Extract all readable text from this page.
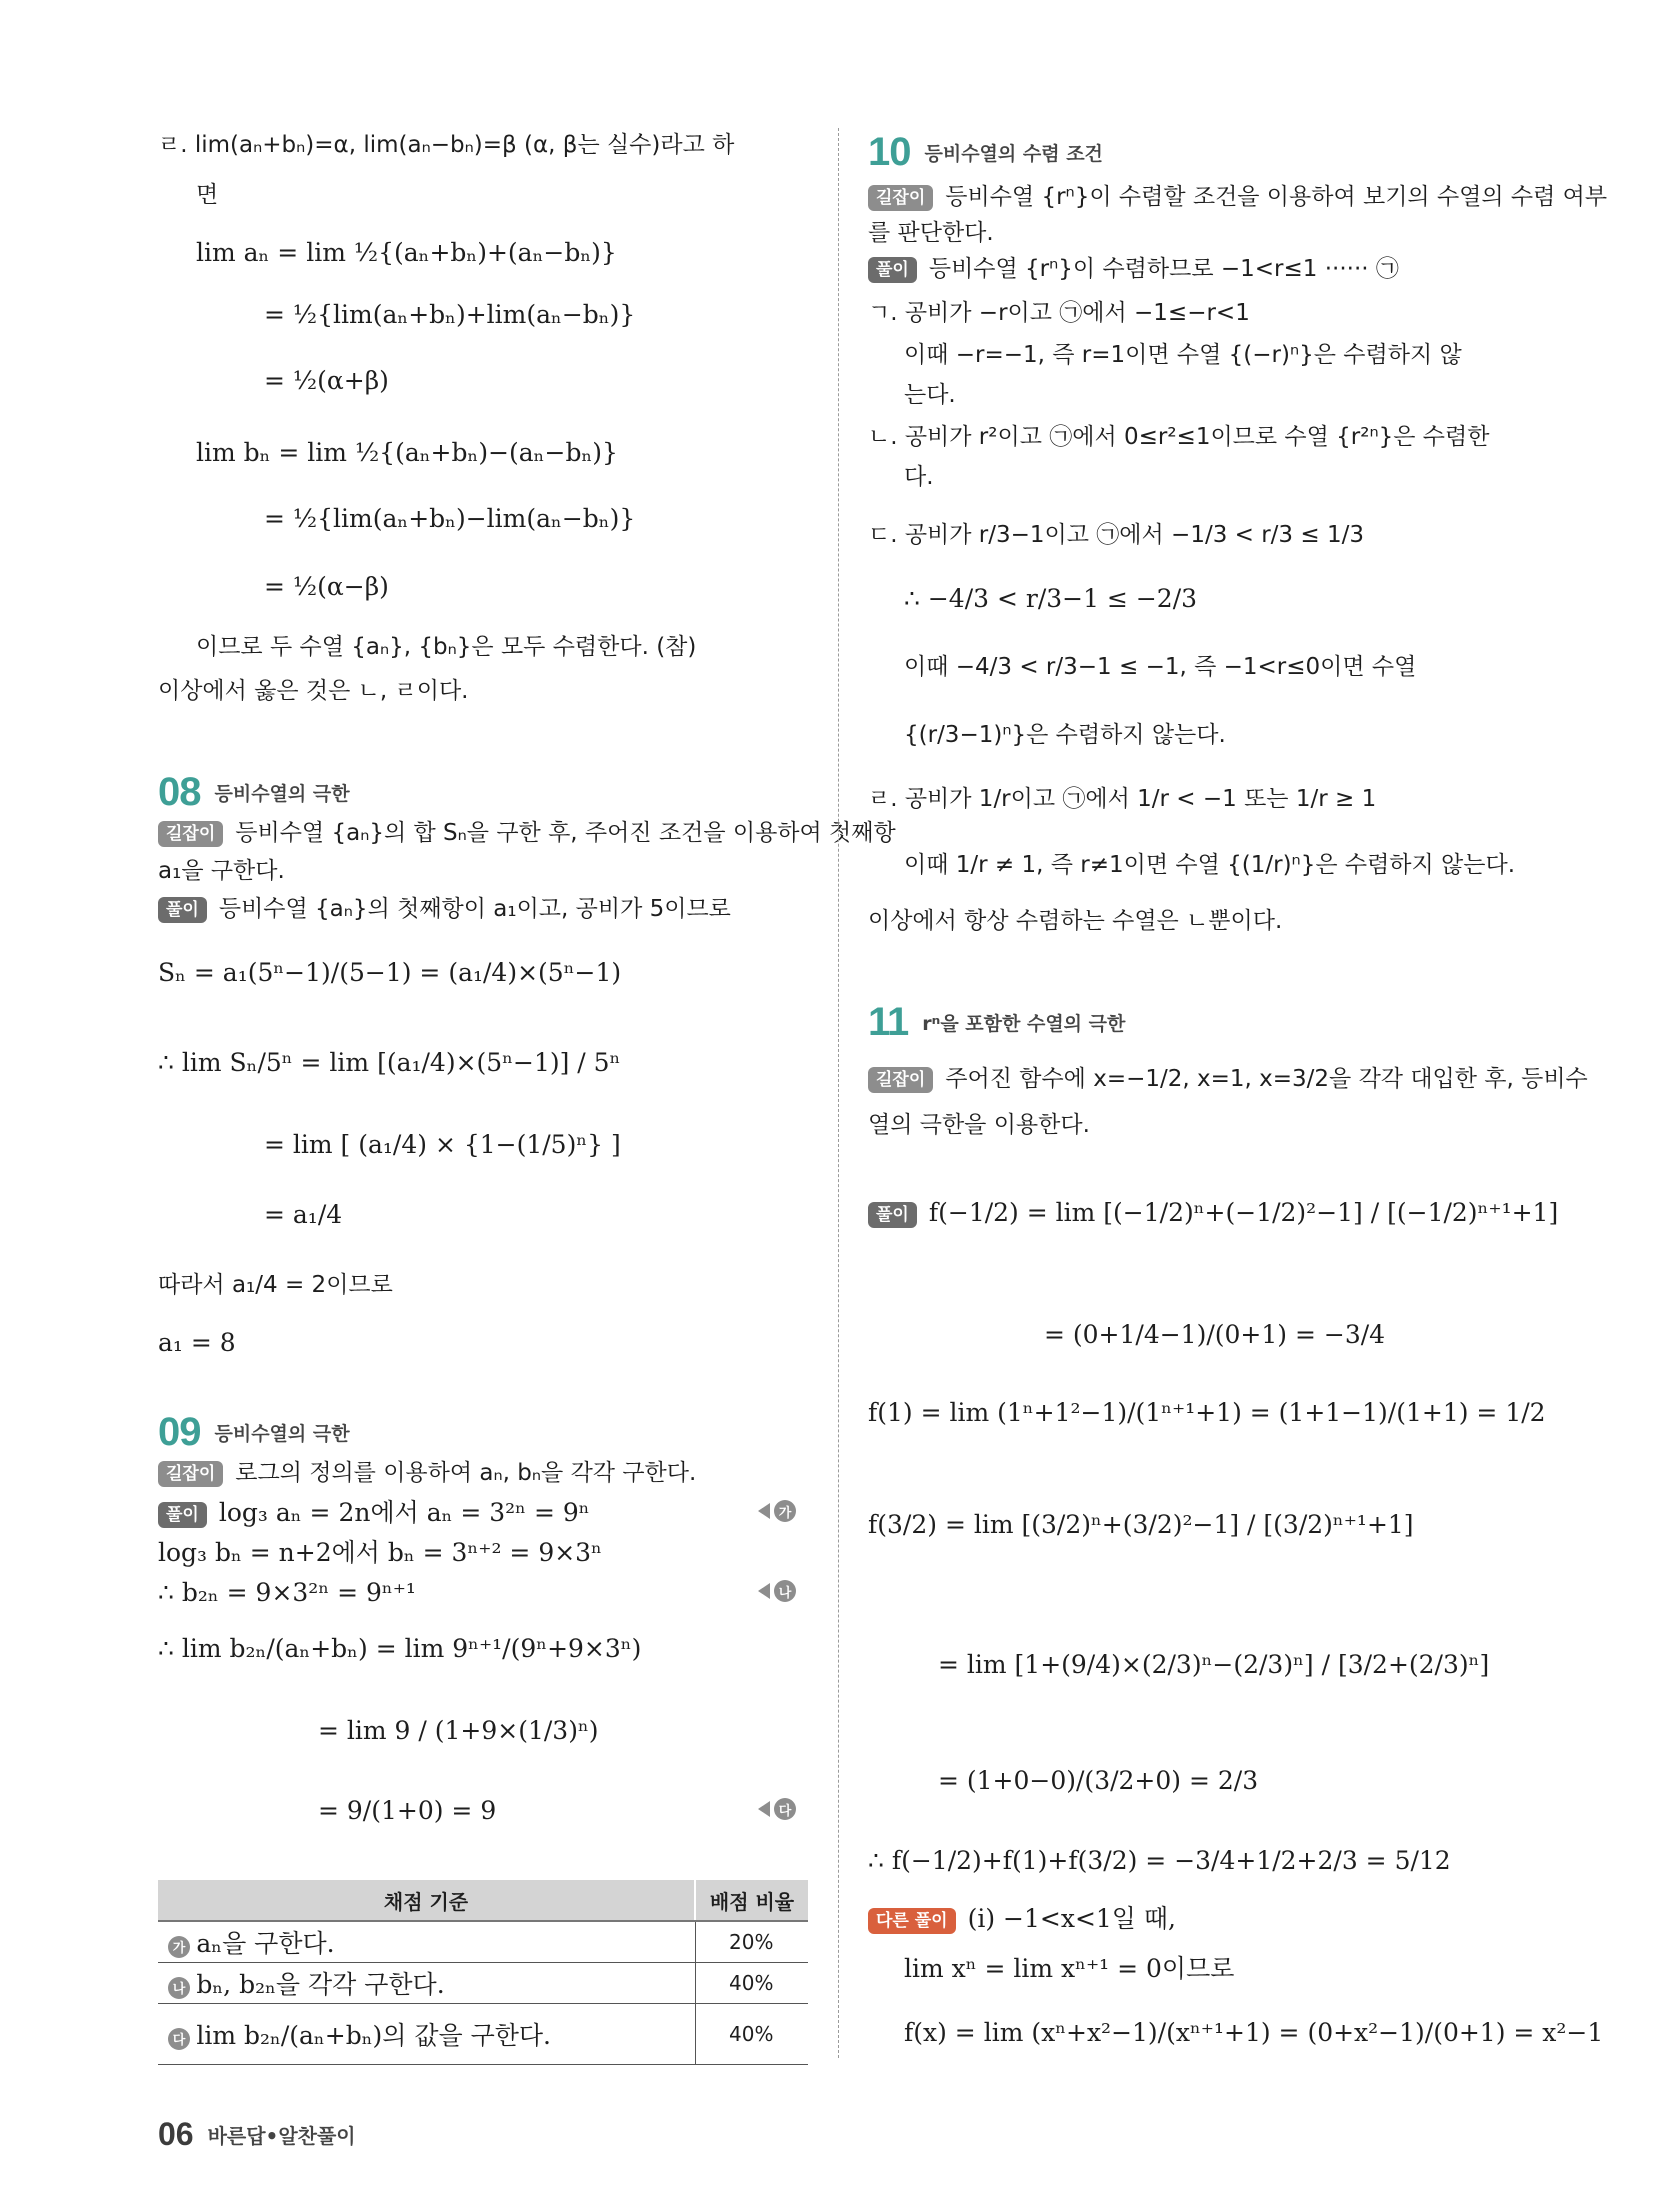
ㄹ. lim(aₙ+bₙ)=α, lim(aₙ−bₙ)=β (α, β는 실수)라고 하
면
lim aₙ = lim ½{(aₙ+bₙ)+(aₙ−bₙ)}
= ½{lim(aₙ+bₙ)+lim(aₙ−bₙ)}
= ½(α+β)
lim bₙ = lim ½{(aₙ+bₙ)−(aₙ−bₙ)}
= ½{lim(aₙ+bₙ)−lim(aₙ−bₙ)}
= ½(α−β)
이므로 두 수열 {aₙ}, {bₙ}은 모두 수렴한다. (참)
이상에서 옳은 것은 ㄴ, ㄹ이다.
08 등비수열의 극한
길잡이 등비수열 {aₙ}의 합 Sₙ을 구한 후, 주어진 조건을 이용하여 첫째항
a₁을 구한다.
풀이 등비수열 {aₙ}의 첫째항이 a₁이고, 공비가 5이므로
Sₙ = a₁(5ⁿ−1)/(5−1) = (a₁/4)×(5ⁿ−1)
∴ lim Sₙ/5ⁿ = lim [(a₁/4)×(5ⁿ−1)] / 5ⁿ
= lim [ (a₁/4) × {1−(1/5)ⁿ} ]
= a₁/4
따라서 a₁/4 = 2이므로
a₁ = 8
09 등비수열의 극한
길잡이 로그의 정의를 이용하여 aₙ, bₙ을 각각 구한다.
풀이 log₃ aₙ = 2n에서 aₙ = 3²ⁿ = 9ⁿ
log₃ bₙ = n+2에서 bₙ = 3ⁿ⁺² = 9×3ⁿ
∴ b₂ₙ = 9×3²ⁿ = 9ⁿ⁺¹
∴ lim b₂ₙ/(aₙ+bₙ) = lim 9ⁿ⁺¹/(9ⁿ+9×3ⁿ)
= lim 9 / (1+9×(1/3)ⁿ)
= 9/(1+0) = 9
가
나
다
채점 기준	배점 비율
가 aₙ을 구한다.	20%
나 bₙ, b₂ₙ을 각각 구한다.	40%
다 lim b₂ₙ/(aₙ+bₙ)의 값을 구한다.	40%
10 등비수열의 수렴 조건
길잡이 등비수열 {rⁿ}이 수렴할 조건을 이용하여 보기의 수열의 수렴 여부
를 판단한다.
풀이 등비수열 {rⁿ}이 수렴하므로 −1<r≤1 ······ ㉠
ㄱ. 공비가 −r이고 ㉠에서 −1≤−r<1
이때 −r=−1, 즉 r=1이면 수열 {(−r)ⁿ}은 수렴하지 않
는다.
ㄴ. 공비가 r²이고 ㉠에서 0≤r²≤1이므로 수열 {r²ⁿ}은 수렴한
다.
ㄷ. 공비가 r/3−1이고 ㉠에서 −1/3 < r/3 ≤ 1/3
∴ −4/3 < r/3−1 ≤ −2/3
이때 −4/3 < r/3−1 ≤ −1, 즉 −1<r≤0이면 수열
{(r/3−1)ⁿ}은 수렴하지 않는다.
ㄹ. 공비가 1/r이고 ㉠에서 1/r < −1 또는 1/r ≥ 1
이때 1/r ≠ 1, 즉 r≠1이면 수열 {(1/r)ⁿ}은 수렴하지 않는다.
이상에서 항상 수렴하는 수열은 ㄴ뿐이다.
11 rⁿ을 포함한 수열의 극한
길잡이 주어진 함수에 x=−1/2, x=1, x=3/2을 각각 대입한 후, 등비수
열의 극한을 이용한다.
풀이 f(−1/2) = lim [(−1/2)ⁿ+(−1/2)²−1] / [(−1/2)ⁿ⁺¹+1]
= (0+1/4−1)/(0+1) = −3/4
f(1) = lim (1ⁿ+1²−1)/(1ⁿ⁺¹+1) = (1+1−1)/(1+1) = 1/2
f(3/2) = lim [(3/2)ⁿ+(3/2)²−1] / [(3/2)ⁿ⁺¹+1]
= lim [1+(9/4)×(2/3)ⁿ−(2/3)ⁿ] / [3/2+(2/3)ⁿ]
= (1+0−0)/(3/2+0) = 2/3
∴ f(−1/2)+f(1)+f(3/2) = −3/4+1/2+2/3 = 5/12
다른 풀이 (i) −1<x<1일 때,
lim xⁿ = lim xⁿ⁺¹ = 0이므로
f(x) = lim (xⁿ+x²−1)/(xⁿ⁺¹+1) = (0+x²−1)/(0+1) = x²−1
06 바른답•알찬풀이
